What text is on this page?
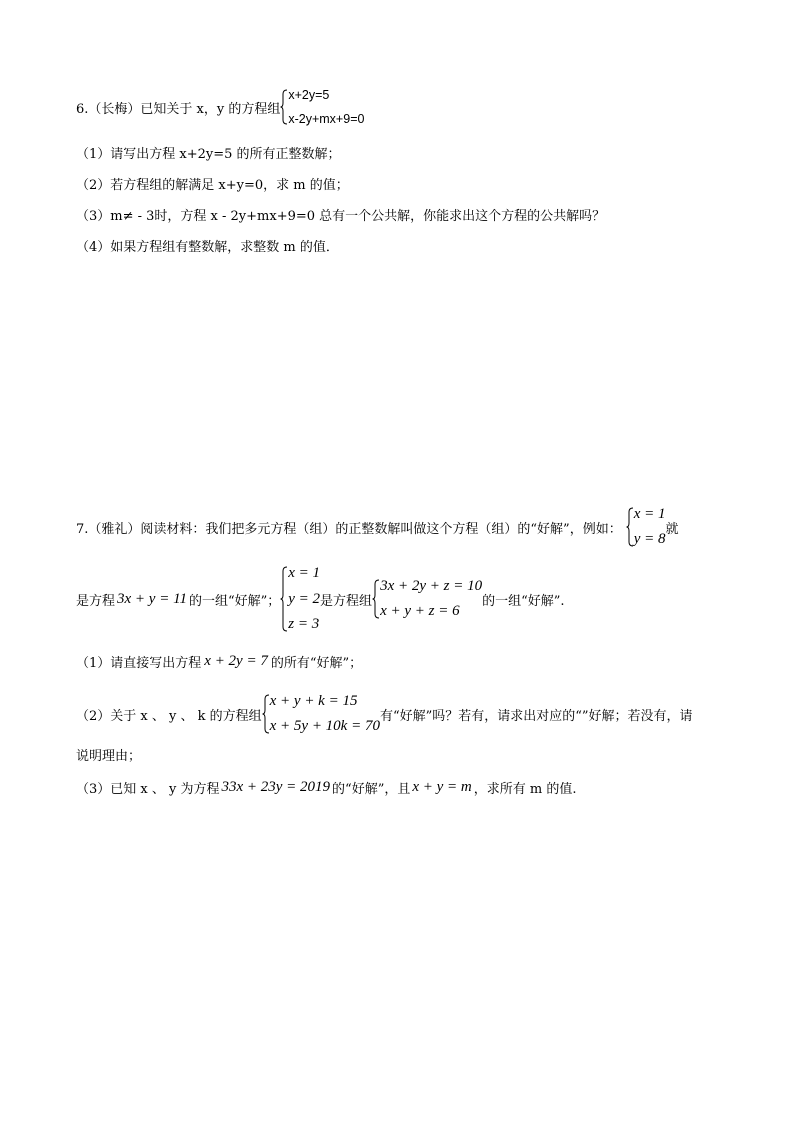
6.（长梅）已知关于 x，y 的方程组
x+2y=5
x-2y+mx+9=0
（1）请写出方程 x+2y=5 的所有正整数解；
（2）若方程组的解满足 x+y=0，求 m 的值；
（3）m≠ - 3时，方程 x - 2y+mx+9=0 总有一个公共解，你能求出这个方程的公共解吗？
（4）如果方程组有整数解，求整数 m 的值．
7.（雅礼）阅读材料：我们把多元方程（组）的正整数解叫做这个方程（组）的“好解”，例如：
x = 1
y = 8
就
是方程 3x + y = 11 的一组“好解”；
x = 1
y = 2
z = 3
是方程组
3x + 2y + z = 10
x + y + z = 6
的一组“好解”.
（1）请直接写出方程 x + 2y = 7 的所有“好解”；
（2）关于 x 、 y 、 k 的方程组
x + y + k = 15
x + 5y + 10k = 70
有“好解”吗？若有，请求出对应的“”好解；若没有，请
说明理由；
（3）已知 x 、 y 为方程 33x + 23y = 2019 的“好解”，且 x + y = m ，求所有 m 的值.
